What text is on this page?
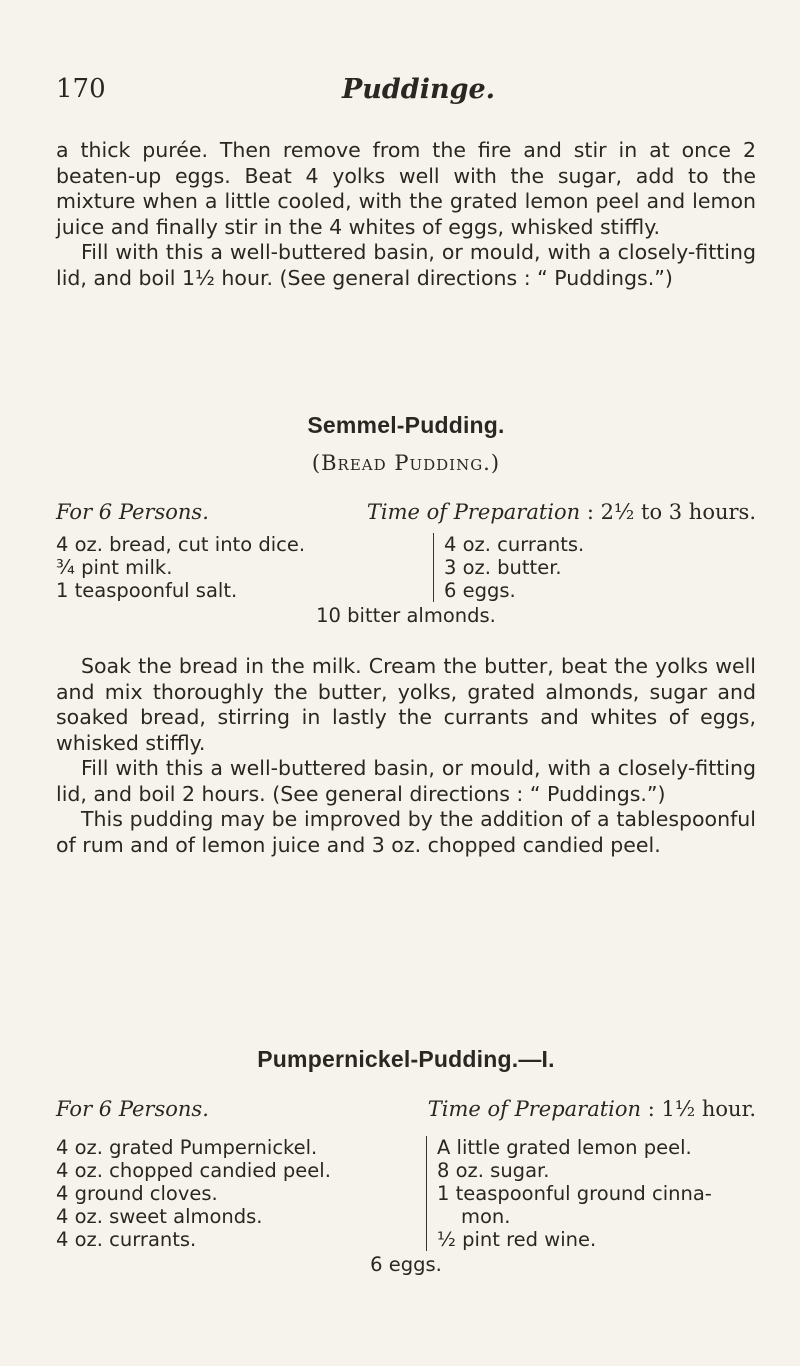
170	Puddinge.

a thick purée. Then remove from the fire and stir in at once 2 beaten-up eggs. Beat 4 yolks well with the sugar, add to the mixture when a little cooled, with the grated lemon peel and lemon juice and finally stir in the 4 whites of eggs, whisked stiffly.

Fill with this a well-buttered basin, or mould, with a closely-fitting lid, and boil 1½ hour. (See general directions : “ Puddings.”)

Semmel-Pudding.
(Bread Pudding.)
For 6 Persons.	Time of Preparation : 2½ to 3 hours.
4 oz. bread, cut into dice.
¾ pint milk.
1 teaspoonful salt.
4 oz. currants.
3 oz. butter.
6 eggs.
10 bitter almonds.

Soak the bread in the milk. Cream the butter, beat the yolks well and mix thoroughly the butter, yolks, grated almonds, sugar and soaked bread, stirring in lastly the currants and whites of eggs, whisked stiffly.

Fill with this a well-buttered basin, or mould, with a closely-fitting lid, and boil 2 hours. (See general directions : “ Puddings.”)

This pudding may be improved by the addition of a tablespoonful of rum and of lemon juice and 3 oz. chopped candied peel.

Pumpernickel-Pudding.—I.
For 6 Persons.	Time of Preparation : 1½ hour.
4 oz. grated Pumpernickel.
4 oz. chopped candied peel.
4 ground cloves.
4 oz. sweet almonds.
4 oz. currants.
A little grated lemon peel.
8 oz. sugar.
1 teaspoonful ground cinna-
mon.
½ pint red wine.
6 eggs.
